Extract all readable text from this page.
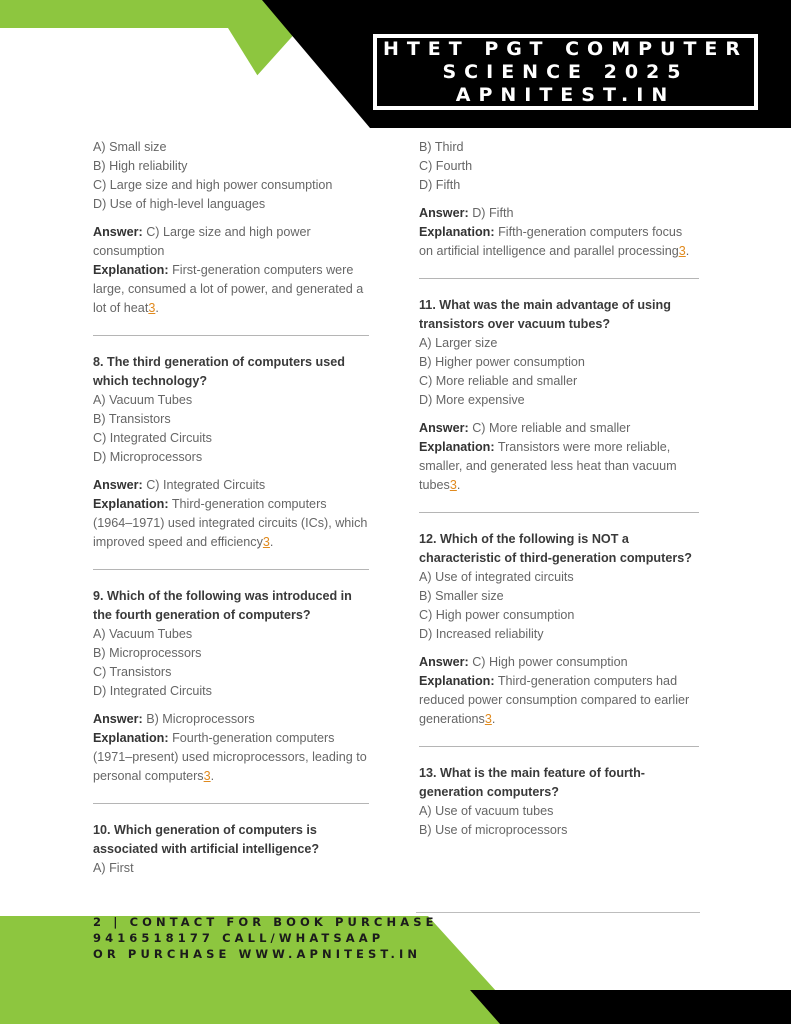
HTET PGT COMPUTER
SCIENCE 2025
APNITEST.IN

A) Small size

B) High reliability

C) Large size and high power consumption

D) Use of high-level languages

Answer: C) Large size and high power consumption

Explanation: First-generation computers were large, consumed a lot of power, and generated a lot of heat3.

8. The third generation of computers used which technology?

A) Vacuum Tubes

B) Transistors

C) Integrated Circuits

D) Microprocessors

Answer: C) Integrated Circuits

Explanation: Third-generation computers (1964–1971) used integrated circuits (ICs), which improved speed and efficiency3.

9. Which of the following was introduced in the fourth generation of computers?

A) Vacuum Tubes

B) Microprocessors

C) Transistors

D) Integrated Circuits

Answer: B) Microprocessors

Explanation: Fourth-generation computers (1971–present) used microprocessors, leading to personal computers3.

10. Which generation of computers is associated with artificial intelligence?

A) First

B) Third

C) Fourth

D) Fifth

Answer: D) Fifth

Explanation: Fifth-generation computers focus on artificial intelligence and parallel processing3.

11. What was the main advantage of using transistors over vacuum tubes?

A) Larger size

B) Higher power consumption

C) More reliable and smaller

D) More expensive

Answer: C) More reliable and smaller

Explanation: Transistors were more reliable, smaller, and generated less heat than vacuum tubes3.

12. Which of the following is NOT a characteristic of third-generation computers?

A) Use of integrated circuits

B) Smaller size

C) High power consumption

D) Increased reliability

Answer: C) High power consumption

Explanation: Third-generation computers had reduced power consumption compared to earlier generations3.

13. What is the main feature of fourth-generation computers?

A) Use of vacuum tubes

B) Use of microprocessors

2 | CONTACT FOR BOOK PURCHASE
9416518177 CALL/WHATSAAP
OR PURCHASE WWW.APNITEST.IN
